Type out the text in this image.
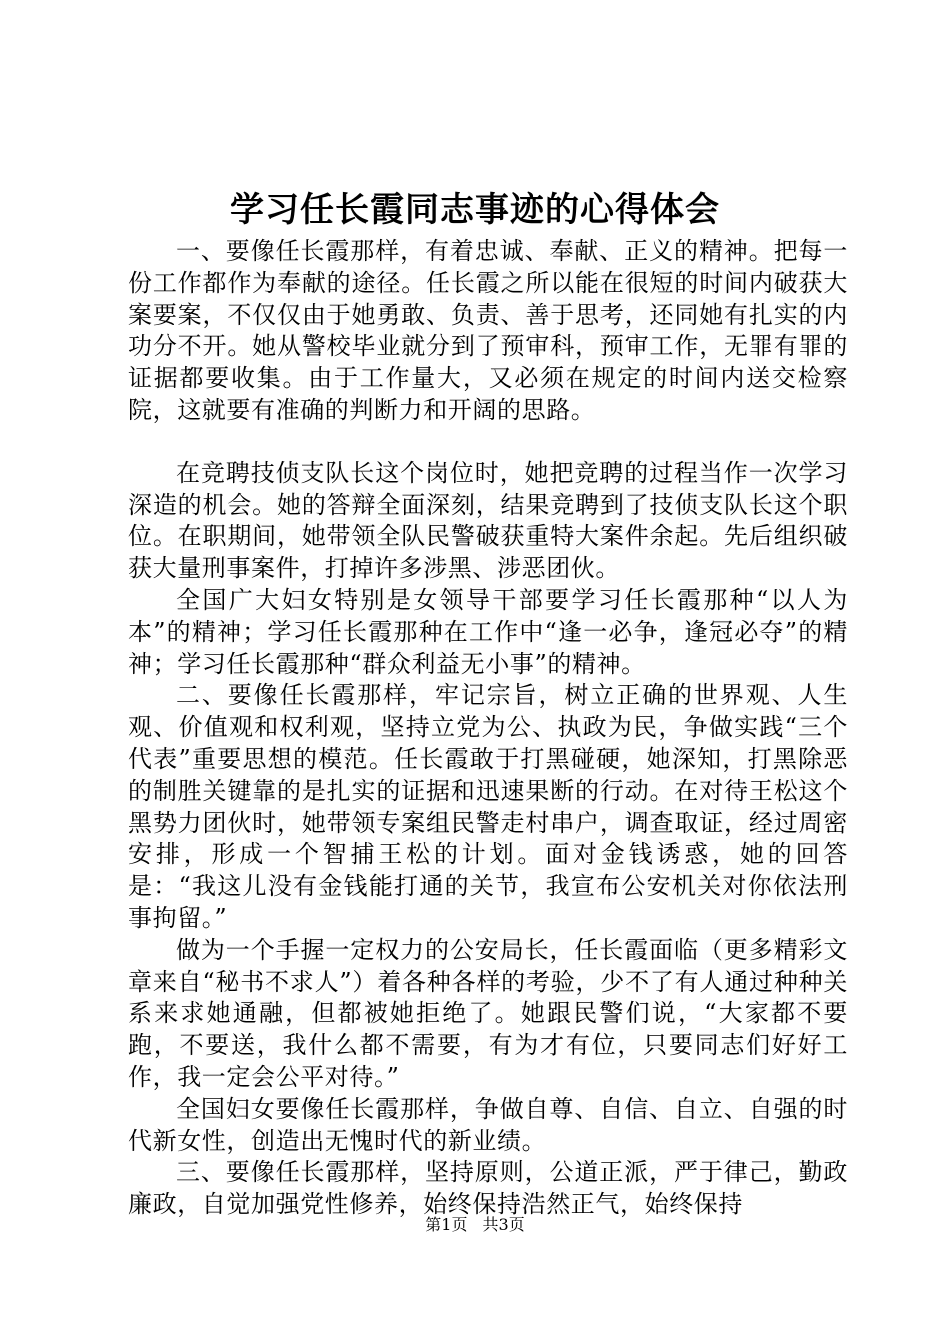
学习任长霞同志事迹的心得体会

一、要像任长霞那样，有着忠诚、奉献、正义的精神。把每一份工作都作为奉献的途径。任长霞之所以能在很短的时间内破获大案要案，不仅仅由于她勇敢、负责、善于思考，还同她有扎实的内功分不开。她从警校毕业就分到了预审科，预审工作，无罪有罪的证据都要收集。由于工作量大，又必须在规定的时间内送交检察院，这就要有准确的判断力和开阔的思路。

在竞聘技侦支队长这个岗位时，她把竞聘的过程当作一次学习深造的机会。她的答辩全面深刻，结果竞聘到了技侦支队长这个职位。在职期间，她带领全队民警破获重特大案件余起。先后组织破获大量刑事案件，打掉许多涉黑、涉恶团伙。

全国广大妇女特别是女领导干部要学习任长霞那种“以人为本”的精神；学习任长霞那种在工作中“逢一必争，逢冠必夺”的精神；学习任长霞那种“群众利益无小事”的精神。

二、要像任长霞那样，牢记宗旨，树立正确的世界观、人生观、价值观和权利观，坚持立党为公、执政为民，争做实践“三个代表”重要思想的模范。任长霞敢于打黑碰硬，她深知，打黑除恶的制胜关键靠的是扎实的证据和迅速果断的行动。在对待王松这个黑势力团伙时，她带领专案组民警走村串户，调查取证，经过周密安排，形成一个智捕王松的计划。面对金钱诱惑，她的回答是：“我这儿没有金钱能打通的关节，我宣布公安机关对你依法刑事拘留。”

做为一个手握一定权力的公安局长，任长霞面临（更多精彩文章来自“秘书不求人”）着各种各样的考验，少不了有人通过种种关系来求她通融，但都被她拒绝了。她跟民警们说，“大家都不要跑，不要送，我什么都不需要，有为才有位，只要同志们好好工作，我一定会公平对待。”

全国妇女要像任长霞那样，争做自尊、自信、自立、自强的时代新女性，创造出无愧时代的新业绩。

三、要像任长霞那样，坚持原则，公道正派，严于律己，勤政廉政，自觉加强党性修养，始终保持浩然正气，始终保持

第1页 共3页
